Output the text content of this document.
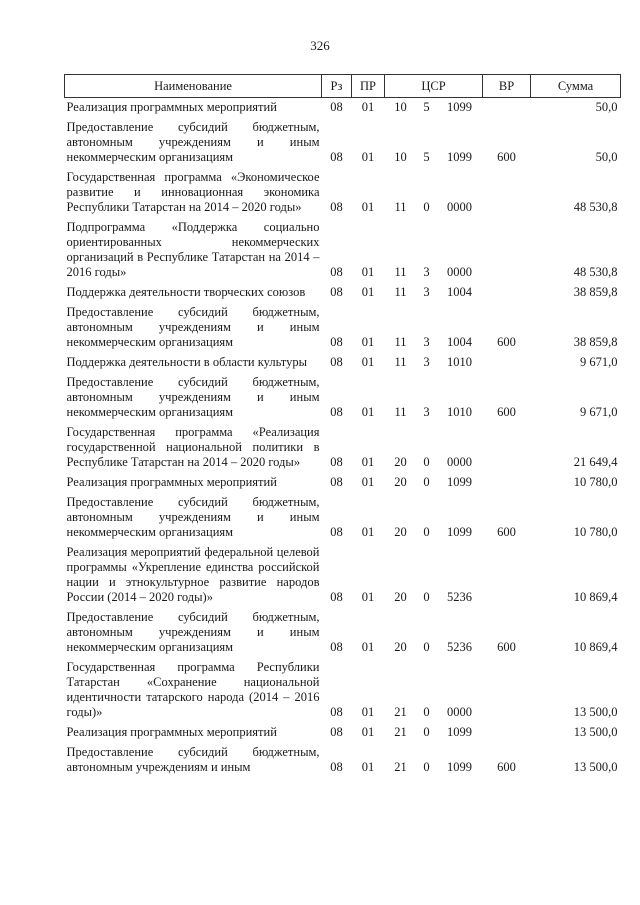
326
Наименование	Рз	ПР	ЦСР			ВР	Сумма
Реализация программных мероприятий	08	01	10	5	1099		50,0
Предоставление субсидий бюджетным, автономным учреждениям и иным некоммерческим организациям	08	01	10	5	1099	600	50,0
Государственная программа «Экономическое развитие и инновационная экономика Республики Татарстан на 2014 – 2020 годы»	08	01	11	0	0000		48 530,8
Подпрограмма «Поддержка социально ориентированных некоммерческих организаций в Республике Татарстан на 2014 – 2016 годы»	08	01	11	3	0000		48 530,8
Поддержка деятельности творческих союзов	08	01	11	3	1004		38 859,8
Предоставление субсидий бюджетным, автономным учреждениям и иным некоммерческим организациям	08	01	11	3	1004	600	38 859,8
Поддержка деятельности в области культуры	08	01	11	3	1010		9 671,0
Предоставление субсидий бюджетным, автономным учреждениям и иным некоммерческим организациям	08	01	11	3	1010	600	9 671,0
Государственная программа «Реализация государственной национальной политики в Республике Татарстан на 2014 – 2020 годы»	08	01	20	0	0000		21 649,4
Реализация программных мероприятий	08	01	20	0	1099		10 780,0
Предоставление субсидий бюджетным, автономным учреждениям и иным некоммерческим организациям	08	01	20	0	1099	600	10 780,0
Реализация мероприятий федеральной целевой программы «Укрепление единства российской нации и этнокультурное развитие народов России (2014 – 2020 годы)»	08	01	20	0	5236		10 869,4
Предоставление субсидий бюджетным, автономным учреждениям и иным некоммерческим организациям	08	01	20	0	5236	600	10 869,4
Государственная программа Республики Татарстан «Сохранение национальной идентичности татарского народа (2014 – 2016 годы)»	08	01	21	0	0000		13 500,0
Реализация программных мероприятий	08	01	21	0	1099		13 500,0
Предоставление субсидий бюджетным, автономным учреждениям и иным	08	01	21	0	1099	600	13 500,0
